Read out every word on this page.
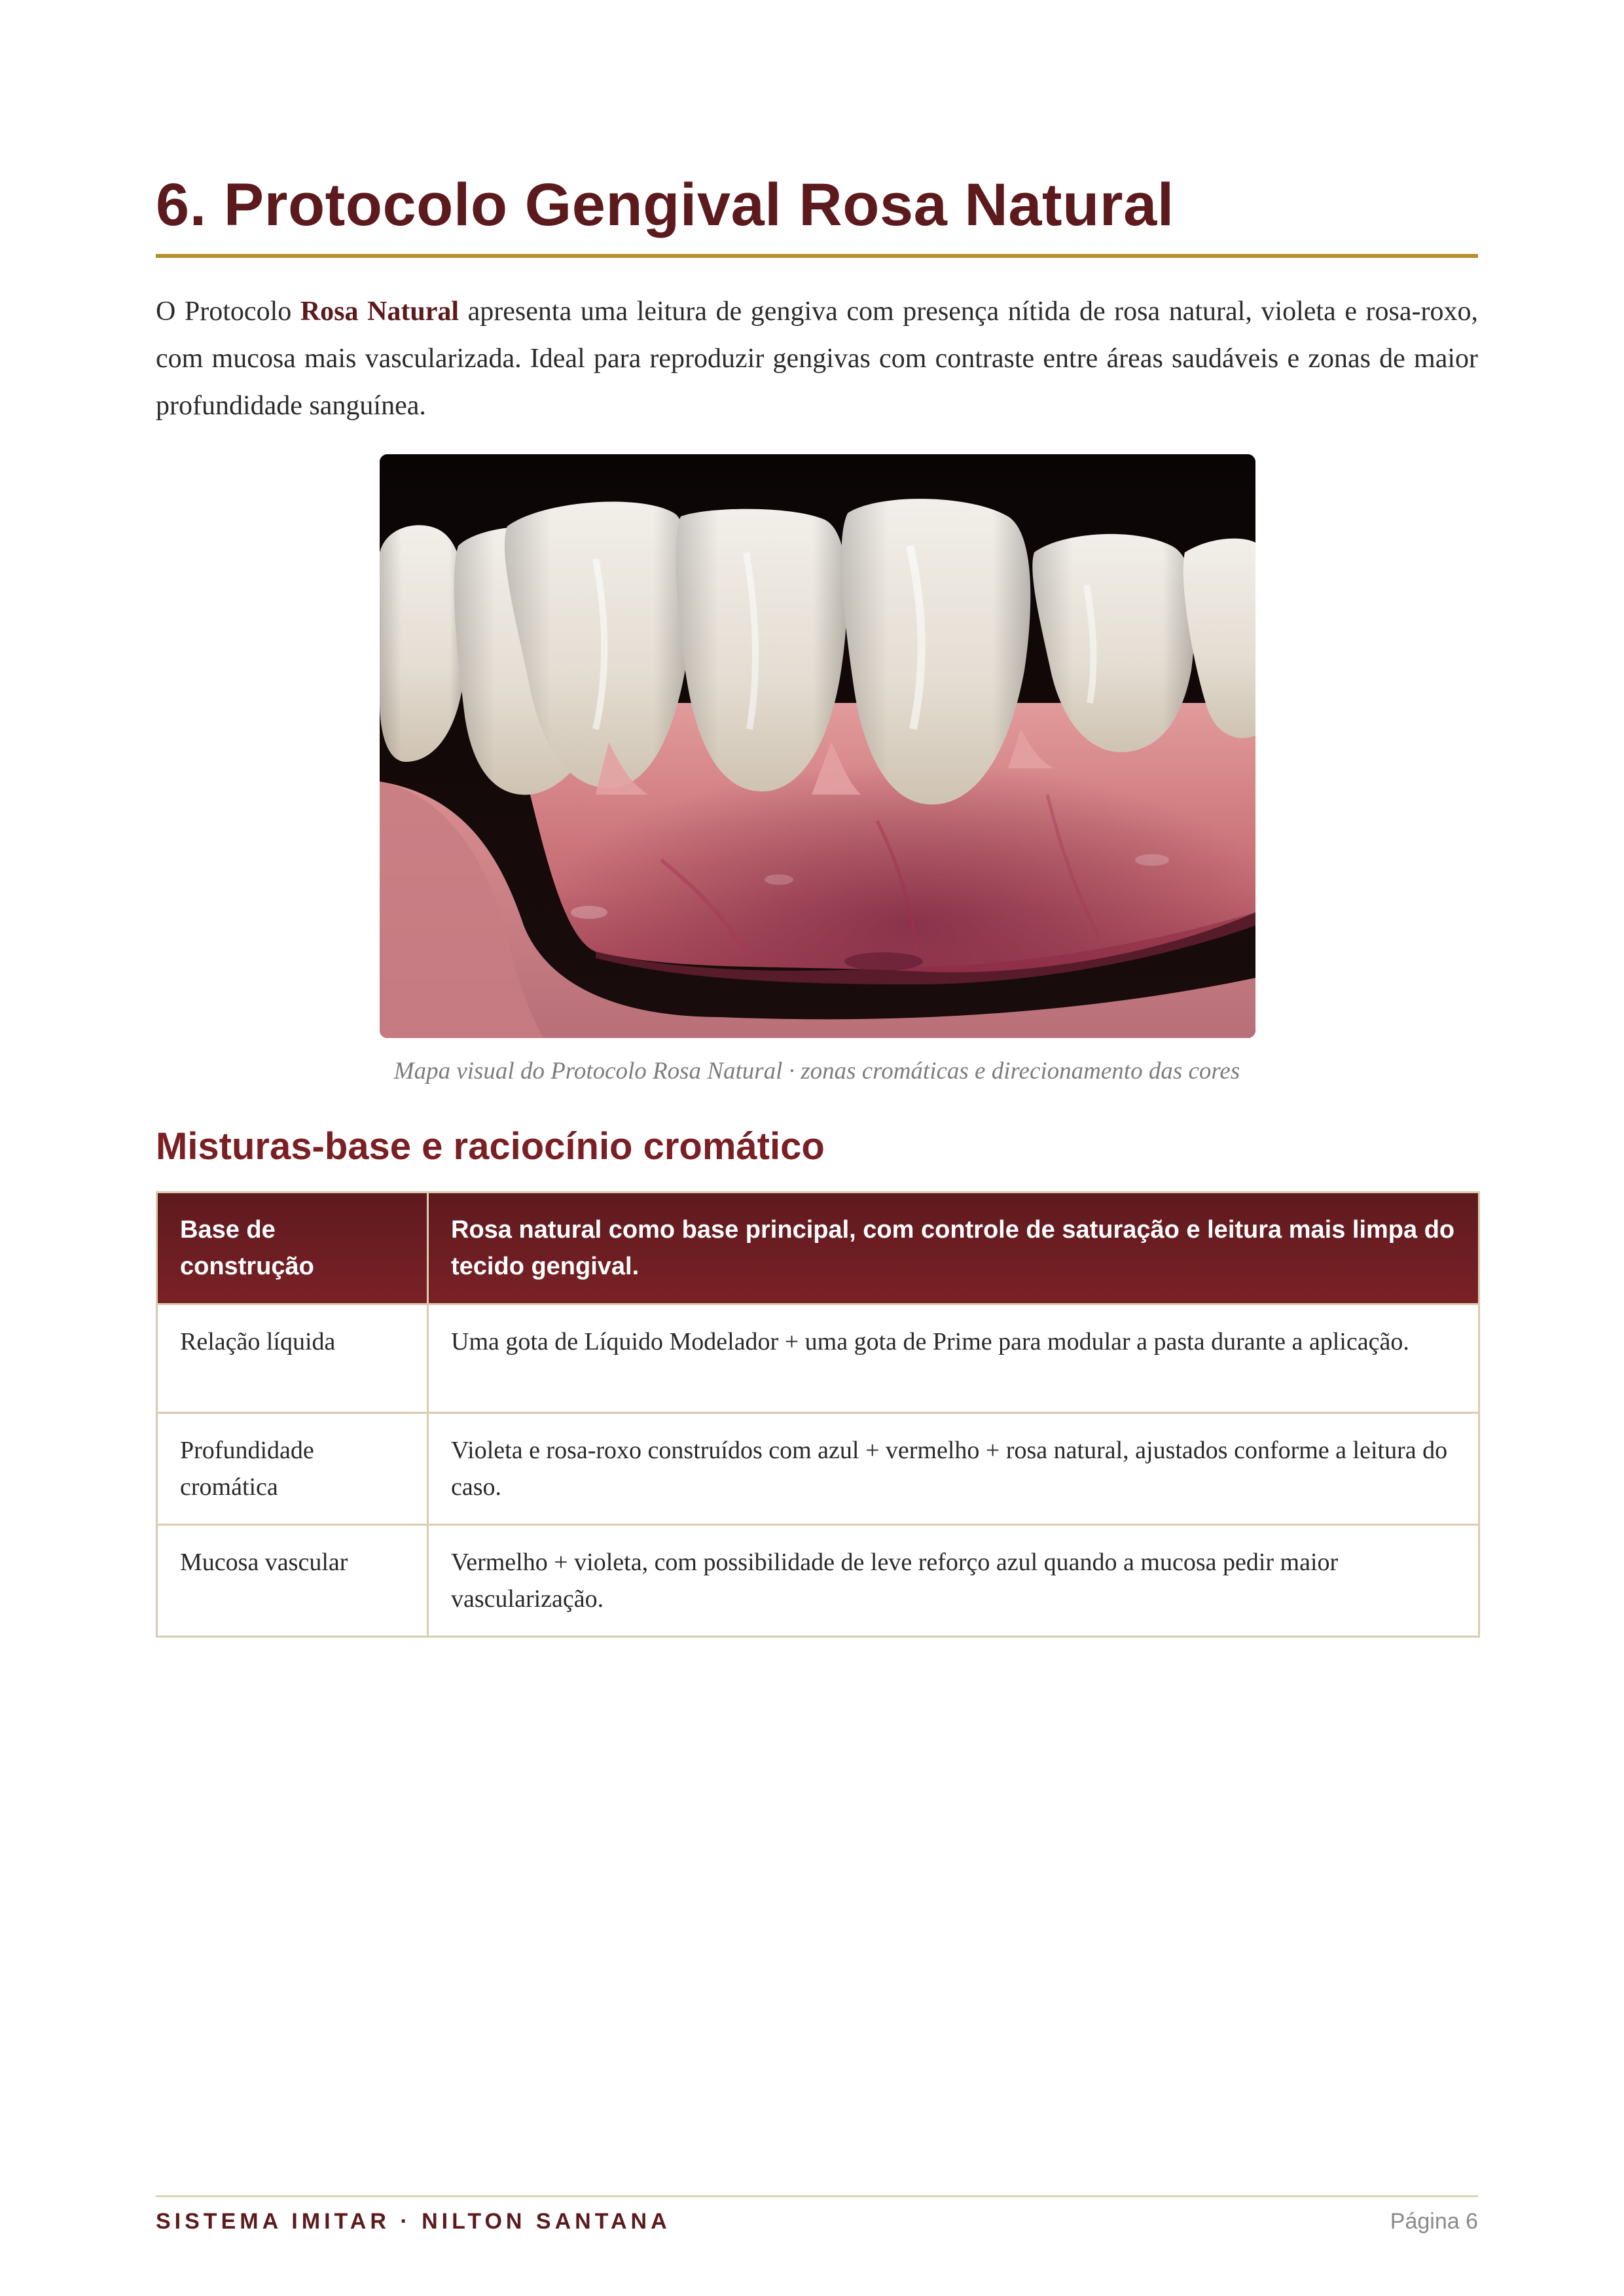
6. Protocolo Gengival Rosa Natural

O Protocolo Rosa Natural apresenta uma leitura de gengiva com presença nítida de rosa natural, violeta e rosa-roxo, com mucosa mais vascularizada. Ideal para reproduzir gengivas com contraste entre áreas saudáveis e zonas de maior profundidade sanguínea.

Mapa visual do Protocolo Rosa Natural · zonas cromáticas e direcionamento das cores
Misturas-base e raciocínio cromático
Base de construção	Rosa natural como base principal, com controle de saturação e leitura mais limpa do tecido gengival.
Relação líquida	Uma gota de Líquido Modelador + uma gota de Prime para modular a pasta durante a aplicação.
Profundidade cromática	Violeta e rosa-roxo construídos com azul + vermelho + rosa natural, ajustados conforme a leitura do caso.
Mucosa vascular	Vermelho + violeta, com possibilidade de leve reforço azul quando a mucosa pedir maior vascularização.
SISTEMA IMITAR · NILTON SANTANA	Página 6
